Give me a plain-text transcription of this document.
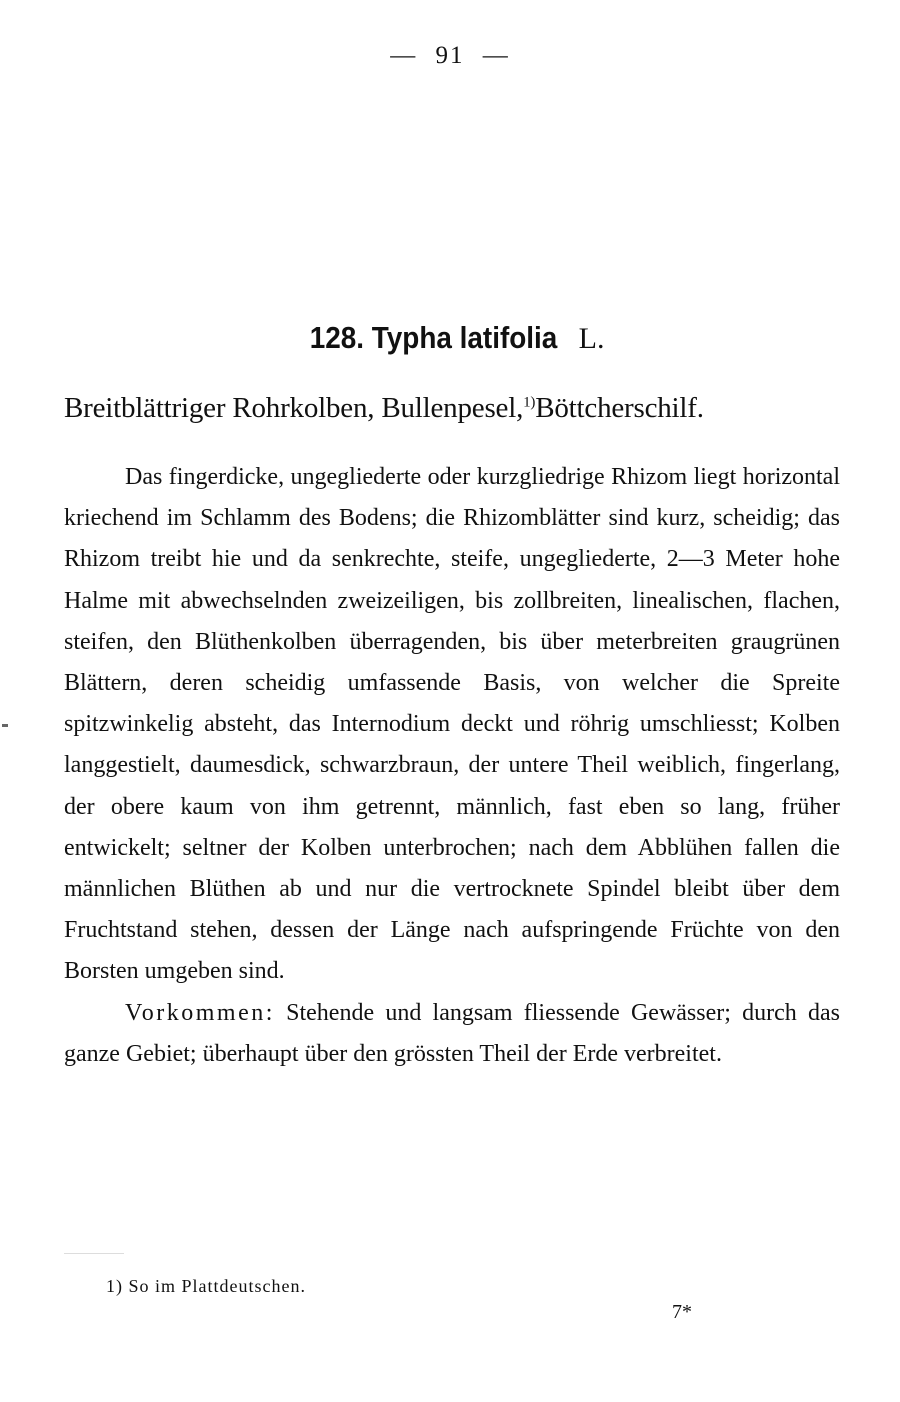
— 91 —
128. Typha latifolia L.
Breitblättriger Rohrkolben, Bullenpesel,$^{1)}$Böttcherschilf.

Das fingerdicke, ungegliederte oder kurzgliedrige Rhizom liegt horizontal kriechend im Schlamm des Bodens; die Rhizomblätter sind kurz, scheidig; das Rhizom treibt hie und da senkrechte, steife, ungegliederte, 2—3 Meter hohe Halme mit abwechselnden zweizeiligen, bis zollbreiten, linealischen, flachen, steifen, den Blüthenkolben überragenden, bis über meterbreiten graugrünen Blättern, deren scheidig umfassende Basis, von welcher die Spreite spitzwinkelig absteht, das Internodium deckt und röhrig umschliesst; Kolben langgestielt, daumesdick, schwarzbraun, der untere Theil weiblich, fingerlang, der obere kaum von ihm getrennt, männlich, fast eben so lang, früher entwickelt; seltner der Kolben unterbrochen; nach dem Abblühen fallen die männlichen Blüthen ab und nur die vertrocknete Spindel bleibt über dem Fruchtstand stehen, dessen der Länge nach aufspringende Früchte von den Borsten umgeben sind.

Vorkommen: Stehende und langsam fliessende Gewässer; durch das ganze Gebiet; überhaupt über den grössten Theil der Erde verbreitet.

1) So im Plattdeutschen.
7*
